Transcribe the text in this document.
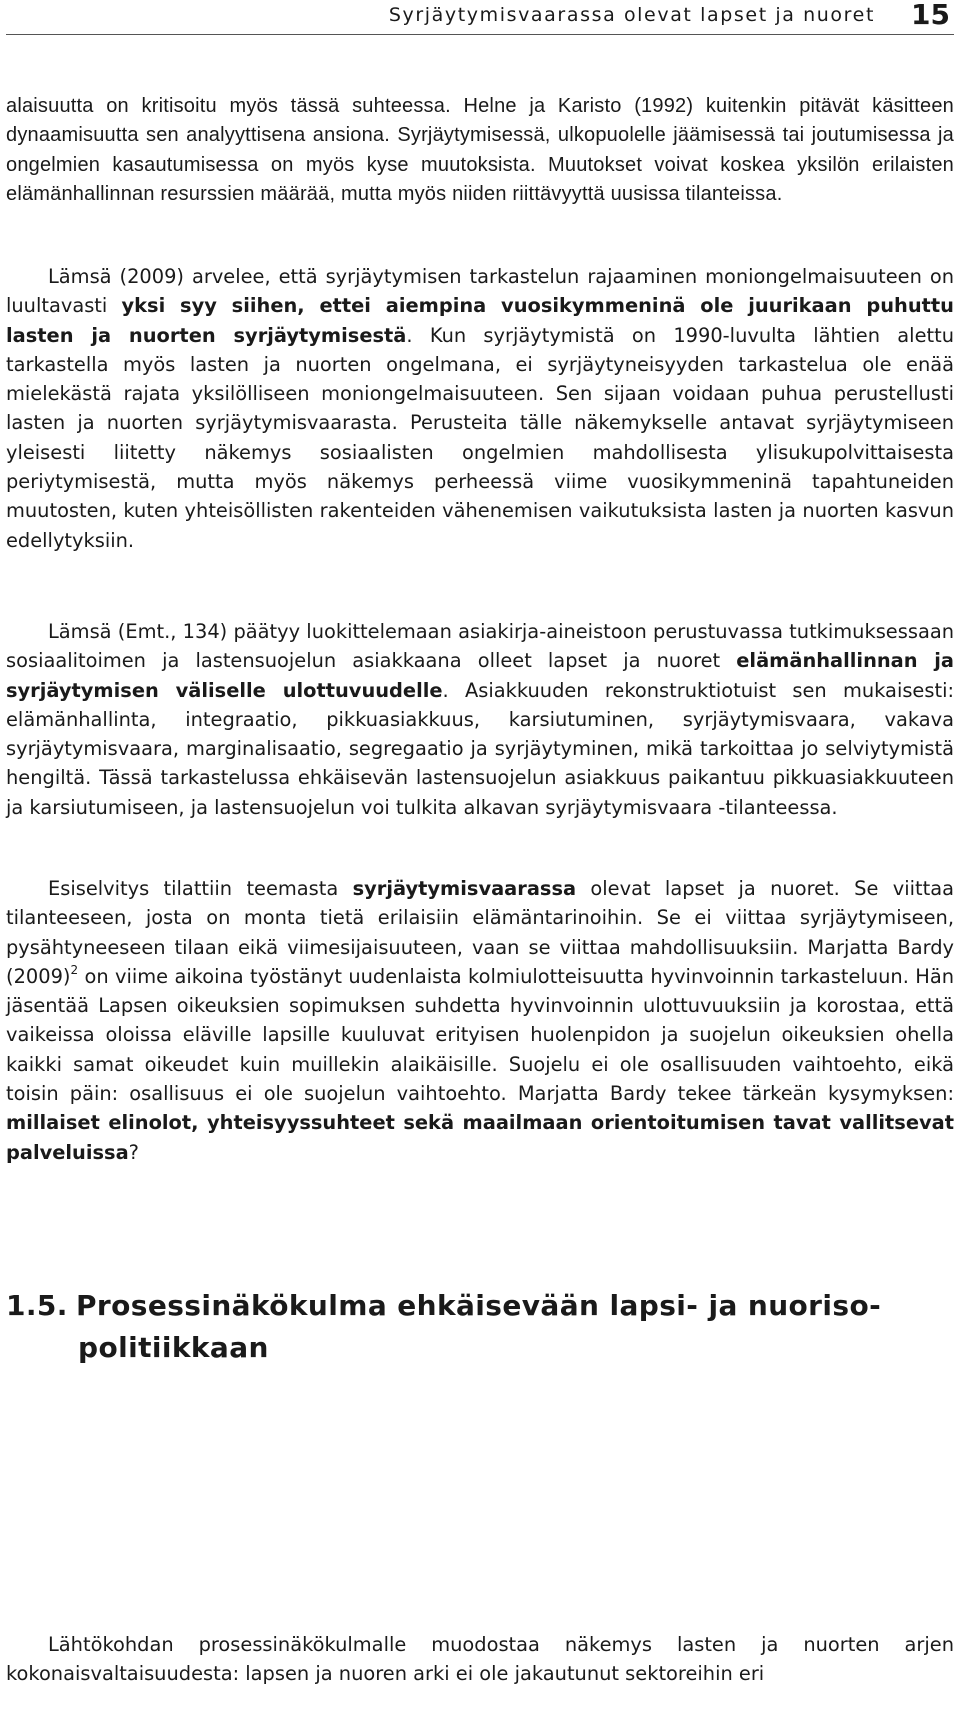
Syrjäytymisvaarassa olevat lapset ja nuoret 15

alaisuutta on kritisoitu myös tässä suhteessa. Helne ja Karisto (1992) kuitenkin pitävät käsitteen dynaamisuutta sen analyyttisena ansiona. Syrjäytymisessä, ulkopuolelle jäämisessä tai joutumisessa ja ongelmien kasautumisessa on myös kyse muutoksista. Muutokset voivat koskea yksilön erilaisten elämänhallinnan resurssien määrää, mutta myös niiden riittävyyttä uusissa tilanteissa.

Lämsä (2009) arvelee, että syrjäytymisen tarkastelun rajaaminen moniongelmaisuuteen on luultavasti yksi syy siihen, ettei aiempina vuosikymmeninä ole juurikaan puhuttu lasten ja nuorten syrjäytymisestä. Kun syrjäytymistä on 1990-luvulta lähtien alettu tarkastella myös lasten ja nuorten ongelmana, ei syrjäytyneisyyden tarkastelua ole enää mielekästä rajata yksilölliseen moniongelmaisuuteen. Sen sijaan voidaan puhua perustellusti lasten ja nuorten syrjäytymisvaarasta. Perusteita tälle näkemykselle antavat syrjäytymiseen yleisesti liitetty näkemys sosiaalisten ongelmien mahdollisesta ylisukupolvittaisesta periytymisestä, mutta myös näkemys perheessä viime vuosikymmeninä tapahtuneiden muutosten, kuten yhteisöllisten rakenteiden vähenemisen vaikutuksista lasten ja nuorten kasvun edellytyksiin.

Lämsä (Emt., 134) päätyy luokittelemaan asiakirja-aineistoon perustuvassa tutkimuksessaan sosiaalitoimen ja lastensuojelun asiakkaana olleet lapset ja nuoret elämänhallinnan ja syrjäytymisen väliselle ulottuvuudelle. Asiakkuuden rekonstruktiotuist sen mukaisesti: elämänhallinta, integraatio, pikkuasiakkuus, karsiutuminen, syrjäytymisvaara, vakava syrjäytymisvaara, marginalisaatio, segregaatio ja syrjäytyminen, mikä tarkoittaa jo selviytymistä hengiltä. Tässä tarkastelussa ehkäisevän lastensuojelun asiakkuus paikantuu pikkuasiakkuuteen ja karsiutumiseen, ja lastensuojelun voi tulkita alkavan syrjäytymisvaara -tilanteessa.

Esiselvitys tilattiin teemasta syrjäytymisvaarassa olevat lapset ja nuoret. Se viittaa tilanteeseen, josta on monta tietä erilaisiin elämäntarinoihin. Se ei viittaa syrjäytymiseen, pysähtyneeseen tilaan eikä viimesijaisuuteen, vaan se viittaa mahdollisuuksiin. Marjatta Bardy $(2009)^2$ on viime aikoina työstänyt uudenlaista kolmiulotteisuutta hyvinvoinnin tarkasteluun. Hän jäsentää Lapsen oikeuksien sopimuksen suhdetta hyvinvoinnin ulottuvuuksiin ja korostaa, että vaikeissa oloissa eläville lapsille kuuluvat erityisen huolenpidon ja suojelun oikeuksien ohella kaikki samat oikeudet kuin muillekin alaikäisille. Suojelu ei ole osallisuuden vaihtoehto, eikä toisin päin: osallisuus ei ole suojelun vaihtoehto. Marjatta Bardy tekee tärkeän kysymyksen: millaiset elinolot, yhteisyyssuhteet sekä maailmaan orientoitumisen tavat vallitsevat palveluissa?

1.5. Prosessinäkökulma ehkäisevään lapsi- ja nuoriso-
politiikkaan

Lähtökohdan prosessinäkökulmalle muodostaa näkemys lasten ja nuorten arjen kokonaisvaltaisuudesta: lapsen ja nuoren arki ei ole jakautunut sektoreihin eri
